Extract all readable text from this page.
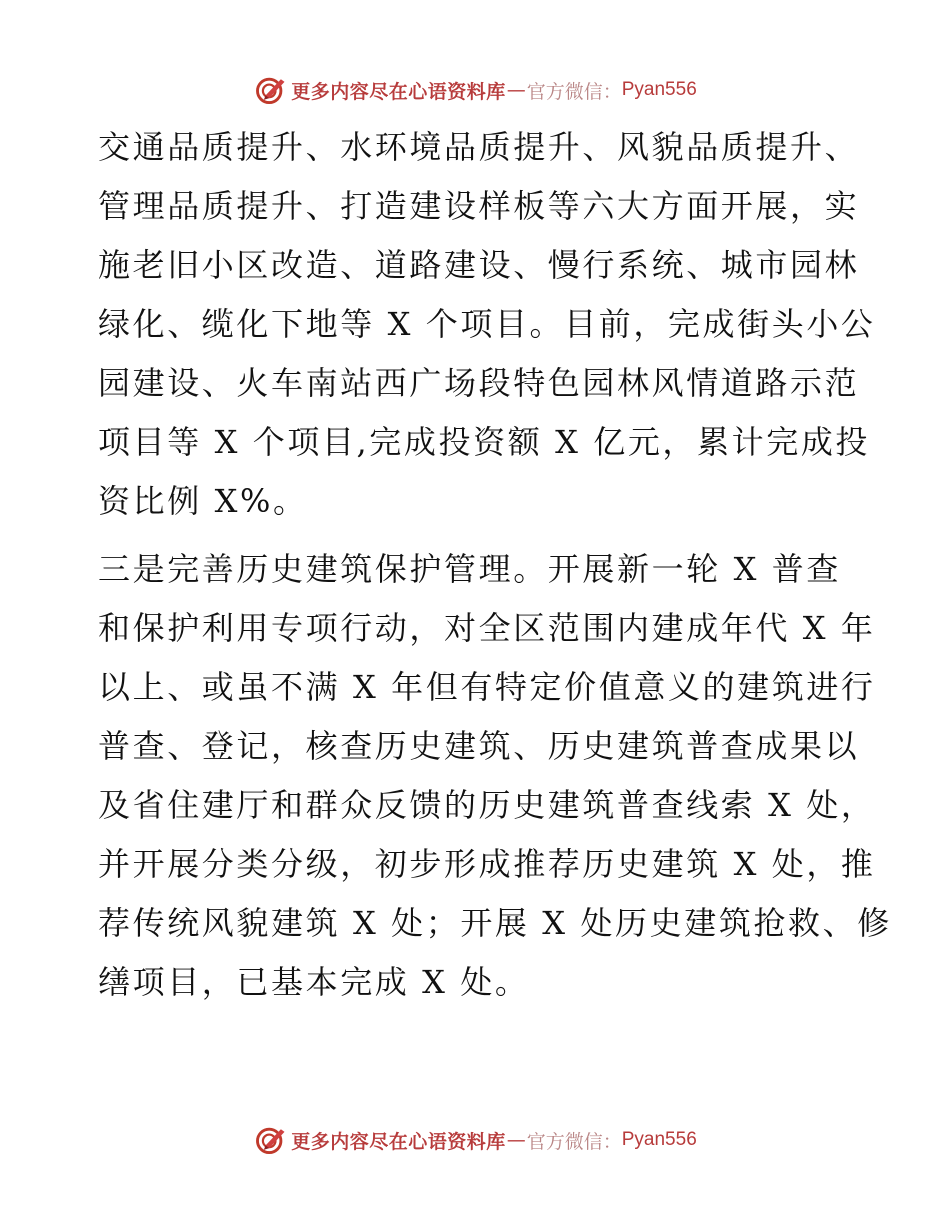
更多内容尽在心语资料库 — 官方微信： Pyan556
交通品质提升、水环境品质提升、风貌品质提升、
管理品质提升、打造建设样板等六大方面开展，实
施老旧小区改造、道路建设、慢行系统、城市园林
绿化、缆化下地等 X 个项目。目前，完成街头小公
园建设、火车南站西广场段特色园林风情道路示范
项目等 X 个项目,完成投资额 X 亿元，累计完成投
资比例 X%。
三是完善历史建筑保护管理。开展新一轮 X 普查
和保护利用专项行动，对全区范围内建成年代 X 年
以上、或虽不满 X 年但有特定价值意义的建筑进行
普查、登记，核查历史建筑、历史建筑普查成果以
及省住建厅和群众反馈的历史建筑普查线索 X 处，
并开展分类分级，初步形成推荐历史建筑 X 处，推
荐传统风貌建筑 X 处；开展 X 处历史建筑抢救、修
缮项目，已基本完成 X 处。
更多内容尽在心语资料库 — 官方微信： Pyan556
